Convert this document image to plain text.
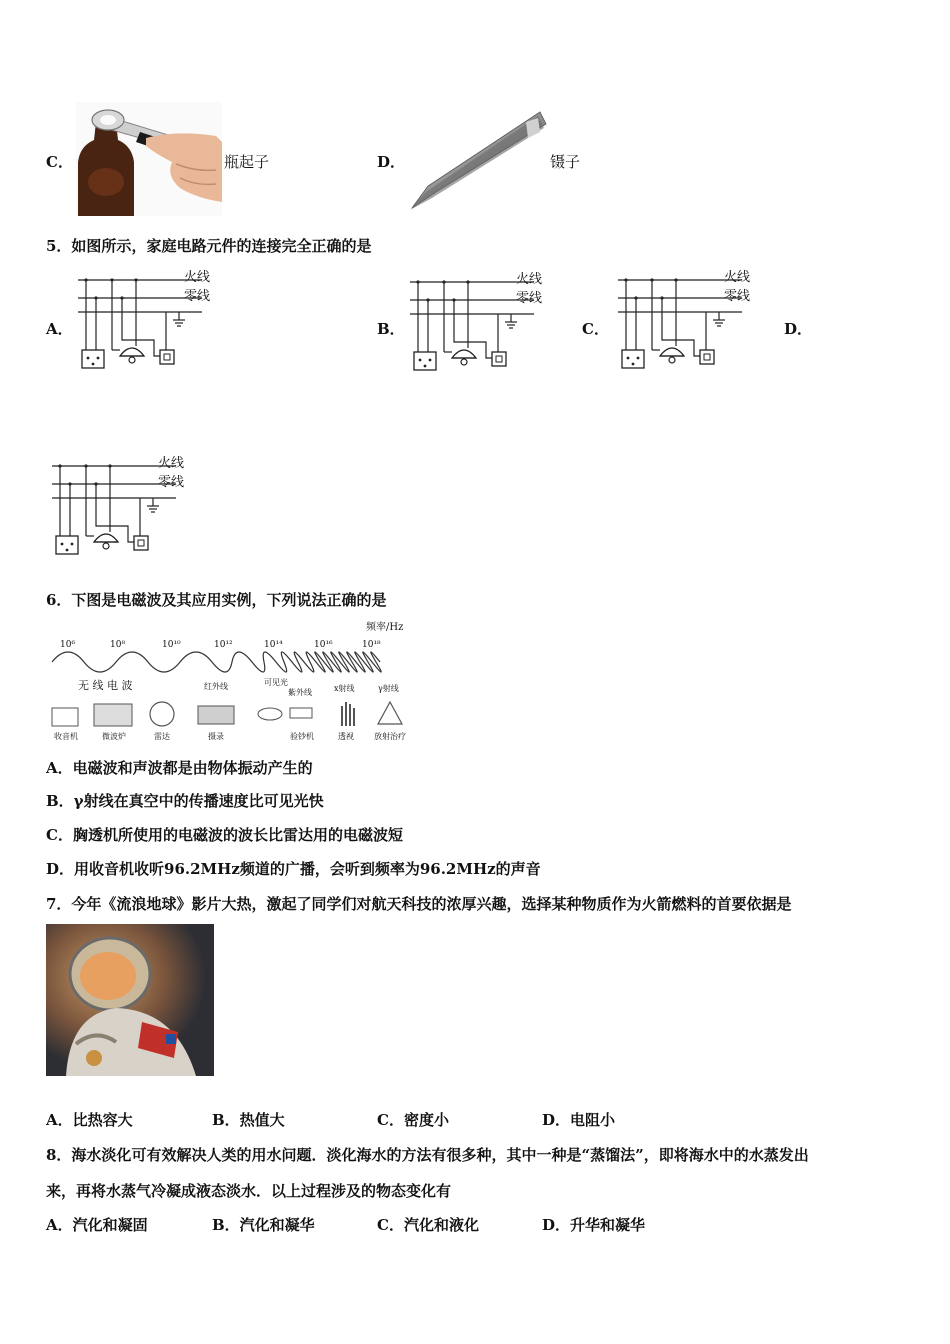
C．	瓶起子	D．	镊子
5．如图所示，家庭电路元件的连接完全正确的是
A．
火线
零线
B．
火线
零线
C．
火线
零线
D．
火线
零线
6．下图是电磁波及其应用实例，下列说法正确的是
频率/Hz
10⁶	10⁸	10¹⁰	10¹²	10¹⁴	10¹⁶	10¹⁸
无 线 电 波	红外线	可见光
紫外线	x射线	γ射线
收音机	微波炉	雷达	摄录	验钞机	透视	放射治疗
A．电磁波和声波都是由物体振动产生的
B．γ射线在真空中的传播速度比可见光快
C．胸透机所使用的电磁波的波长比雷达用的电磁波短
D．用收音机收听96.2MHz频道的广播，会听到频率为96.2MHz的声音
7．今年《流浪地球》影片大热，激起了同学们对航天科技的浓厚兴趣，选择某种物质作为火箭燃料的首要依据是
A．比热容大	B．热值大	C．密度小	D．电阻小
8．海水淡化可有效解决人类的用水问题．淡化海水的方法有很多种，其中一种是“蒸馏法”，即将海水中的水蒸发出
来，再将水蒸气冷凝成液态淡水．以上过程涉及的物态变化有
A．汽化和凝固	B．汽化和凝华	C．汽化和液化	D．升华和凝华
